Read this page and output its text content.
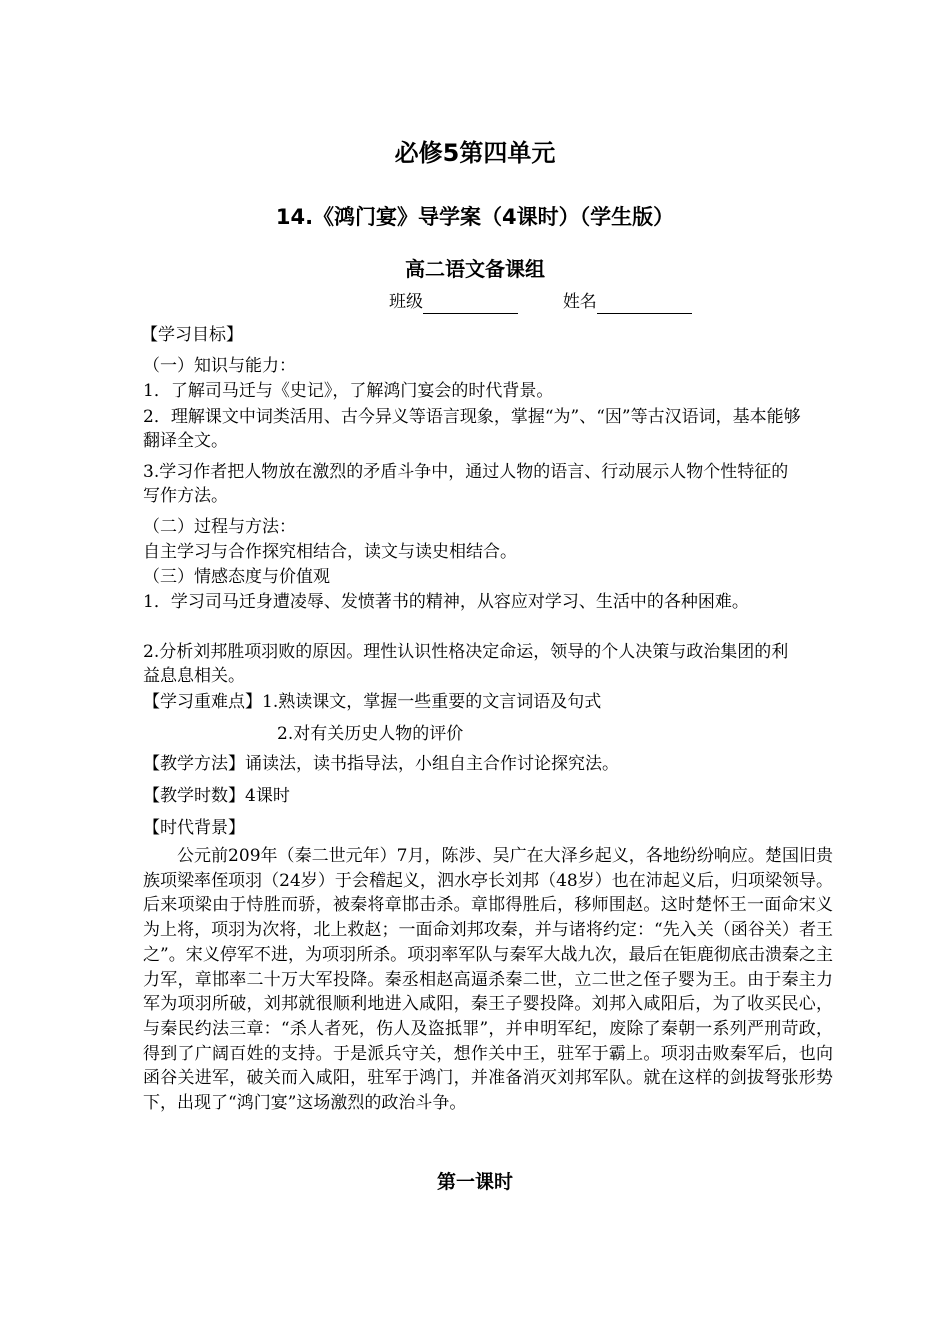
必修5第四单元
14.《鸿门宴》导学案（4课时）（学生版）
高二语文备课组
班级	姓名
【学习目标】
（一）知识与能力：
1．了解司马迁与《史记》，了解鸿门宴会的时代背景。
2．理解课文中词类活用、古今异义等语言现象，掌握“为”、“因”等古汉语词，基本能够翻译全文。
3.学习作者把人物放在激烈的矛盾斗争中，通过人物的语言、行动展示人物个性特征的写作方法。
（二）过程与方法：
自主学习与合作探究相结合，读文与读史相结合。
（三）情感态度与价值观
1．学习司马迁身遭凌辱、发愤著书的精神，从容应对学习、生活中的各种困难。
2.分析刘邦胜项羽败的原因。理性认识性格决定命运，领导的个人决策与政治集团的利益息息相关。
【学习重难点】1.熟读课文，掌握一些重要的文言词语及句式
2.对有关历史人物的评价
【教学方法】诵读法，读书指导法，小组自主合作讨论探究法。
【教学时数】4课时
【时代背景】
公元前209年（秦二世元年）7月，陈涉、吴广在大泽乡起义，各地纷纷响应。楚国旧贵族项梁率侄项羽（24岁）于会稽起义，泗水亭长刘邦（48岁）也在沛起义后，归项梁领导。后来项梁由于恃胜而骄，被秦将章邯击杀。章邯得胜后，移师围赵。这时楚怀王一面命宋义为上将，项羽为次将，北上救赵；一面命刘邦攻秦，并与诸将约定：“先入关（函谷关）者王之”。宋义停军不进，为项羽所杀。项羽率军队与秦军大战九次，最后在钜鹿彻底击溃秦之主力军，章邯率二十万大军投降。秦丞相赵高逼杀秦二世，立二世之侄子婴为王。由于秦主力军为项羽所破，刘邦就很顺利地进入咸阳，秦王子婴投降。刘邦入咸阳后，为了收买民心，与秦民约法三章：“杀人者死，伤人及盗抵罪”，并申明军纪，废除了秦朝一系列严刑苛政，得到了广阔百姓的支持。于是派兵守关，想作关中王，驻军于霸上。项羽击败秦军后，也向函谷关进军，破关而入咸阳，驻军于鸿门，并准备消灭刘邦军队。就在这样的剑拔弩张形势下，出现了“鸿门宴”这场激烈的政治斗争。
第一课时
